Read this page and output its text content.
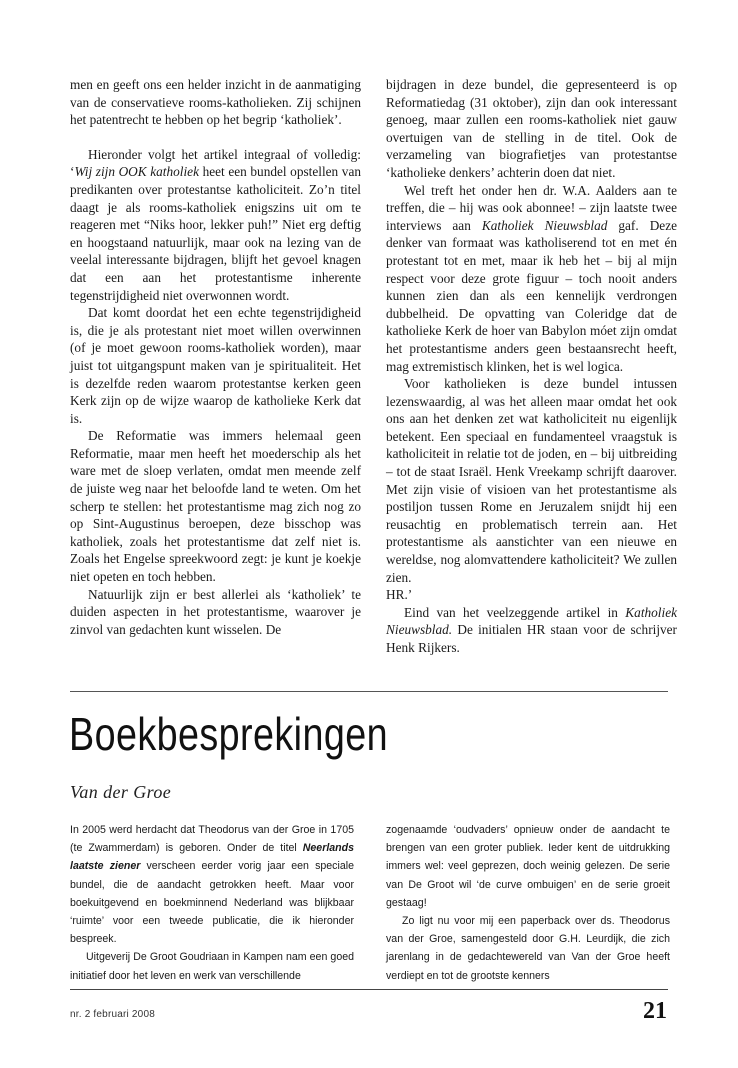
men en geeft ons een helder inzicht in de aanmatiging van de conservatieve rooms-katholieken. Zij schijnen het patentrecht te hebben op het begrip ‘katholiek’.

Hieronder volgt het artikel integraal of volledig: ‘Wij zijn OOK katholiek heet een bundel opstellen van predikanten over protestantse katholiciteit. Zo’n titel daagt je als rooms-katholiek enigszins uit om te reageren met “Niks hoor, lekker puh!” Niet erg deftig en hoogstaand natuurlijk, maar ook na lezing van de veelal interessante bijdragen, blijft het gevoel knagen dat een aan het protestantisme inherente tegenstrijdigheid niet overwonnen wordt.

Dat komt doordat het een echte tegenstrijdigheid is, die je als protestant niet moet willen overwinnen (of je moet gewoon rooms-katholiek worden), maar juist tot uitgangspunt maken van je spiritualiteit. Het is dezelfde reden waarom protestantse kerken geen Kerk zijn op de wijze waarop de katholieke Kerk dat is.

De Reformatie was immers helemaal geen Reformatie, maar men heeft het moederschip als het ware met de sloep verlaten, omdat men meende zelf de juiste weg naar het beloofde land te weten. Om het scherp te stellen: het protestantisme mag zich nog zo op Sint-Augustinus beroepen, deze bisschop was katholiek, zoals het protestantisme dat zelf niet is. Zoals het Engelse spreekwoord zegt: je kunt je koekje niet opeten en toch hebben.

Natuurlijk zijn er best allerlei als ‘katholiek’ te duiden aspecten in het protestantisme, waarover je zinvol van gedachten kunt wisselen. De

bijdragen in deze bundel, die gepresenteerd is op Reformatiedag (31 oktober), zijn dan ook interessant genoeg, maar zullen een rooms-katholiek niet gauw overtuigen van de stelling in de titel. Ook de verzameling van biografietjes van protestantse ‘katholieke denkers’ achterin doen dat niet.

Wel treft het onder hen dr. W.A. Aalders aan te treffen, die – hij was ook abonnee! – zijn laatste twee interviews aan Katholiek Nieuwsblad gaf. Deze denker van formaat was katholiserend tot en met én protestant tot en met, maar ik heb het – bij al mijn respect voor deze grote figuur – toch nooit anders kunnen zien dan als een kennelijk verdrongen dubbelheid. De opvatting van Coleridge dat de katholieke Kerk de hoer van Babylon móet zijn omdat het protestantisme anders geen bestaansrecht heeft, mag extremistisch klinken, het is wel logica.

Voor katholieken is deze bundel intussen lezenswaardig, al was het alleen maar omdat het ook ons aan het denken zet wat katholiciteit nu eigenlijk betekent. Een speciaal en fundamenteel vraagstuk is katholiciteit in relatie tot de joden, en – bij uitbreiding – tot de staat Israël. Henk Vreekamp schrijft daarover. Met zijn visie of visioen van het protestantisme als postiljon tussen Rome en Jeruzalem snijdt hij een reusachtig en problematisch terrein aan. Het protestantisme als aanstichter van een nieuwe en wereldse, nog alomvattendere katholiciteit? We zullen zien.

HR.’

Eind van het veelzeggende artikel in Katholiek Nieuwsblad. De initialen HR staan voor de schrijver Henk Rijkers.

Boekbesprekingen
Van der Groe

In 2005 werd herdacht dat Theodorus van der Groe in 1705 (te Zwammerdam) is geboren. Onder de titel Neerlands laatste ziener verscheen eerder vorig jaar een speciale bundel, die de aandacht getrokken heeft. Maar voor boekuitgevend en boekminnend Nederland was blijkbaar ‘ruimte’ voor een tweede publicatie, die ik hieronder bespreek.

Uitgeverij De Groot Goudriaan in Kampen nam een goed initiatief door het leven en werk van verschillende

zogenaamde ‘oudvaders’ opnieuw onder de aandacht te brengen van een groter publiek. Ieder kent de uitdrukking immers wel: veel geprezen, doch weinig gelezen. De serie van De Groot wil ‘de curve ombuigen’ en de serie groeit gestaag!

Zo ligt nu voor mij een paperback over ds. Theodorus van der Groe, samengesteld door G.H. Leurdijk, die zich jarenlang in de gedachtewereld van Van der Groe heeft verdiept en tot de grootste kenners

nr. 2 februari 2008	21
